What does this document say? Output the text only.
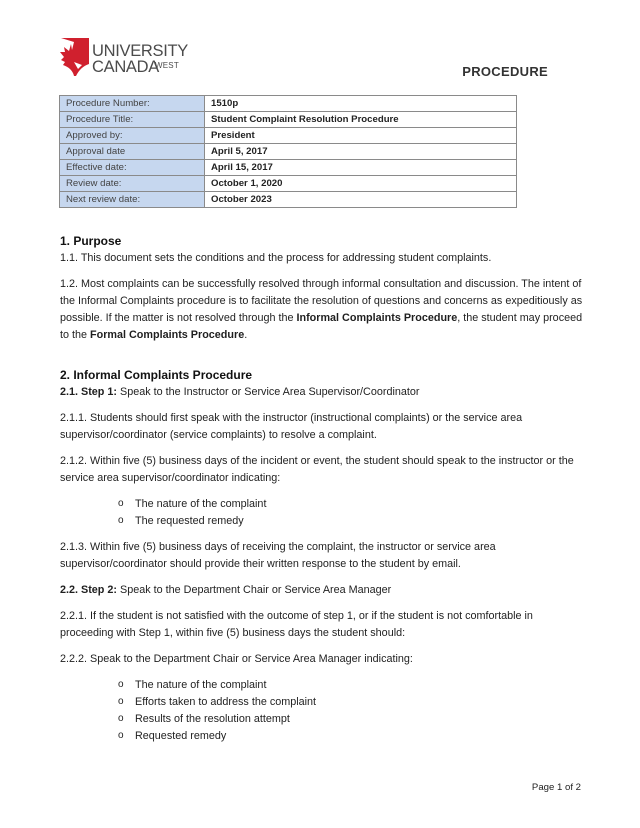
UNIVERSITY
CANADA
WEST	PROCEDURE
Procedure Number:	1510p

Procedure Title:	Student Complaint Resolution Procedure

Approved by:	President

Approval date	April 5, 2017

Effective date:	April 15, 2017

Review date:	October 1, 2020

Next review date:	October 2023
1. Purpose

1.1. This document sets the conditions and the process for addressing student complaints.

1.2. Most complaints can be successfully resolved through informal consultation and discussion. The intent of the Informal Complaints procedure is to facilitate the resolution of questions and concerns as expeditiously as possible. If the matter is not resolved through the Informal Complaints Procedure, the student may proceed to the Formal Complaints Procedure.

2. Informal Complaints Procedure

2.1. Step 1: Speak to the Instructor or Service Area Supervisor/Coordinator

2.1.1. Students should first speak with the instructor (instructional complaints) or the service area supervisor/coordinator (service complaints) to resolve a complaint.

2.1.2. Within five (5) business days of the incident or event, the student should speak to the instructor or the service area supervisor/coordinator indicating:

o The nature of the complaint
o The requested remedy

2.1.3. Within five (5) business days of receiving the complaint, the instructor or service area supervisor/coordinator should provide their written response to the student by email.

2.2. Step 2: Speak to the Department Chair or Service Area Manager

2.2.1. If the student is not satisfied with the outcome of step 1, or if the student is not comfortable in proceeding with Step 1, within five (5) business days the student should:

2.2.2. Speak to the Department Chair or Service Area Manager indicating:

o The nature of the complaint
o Efforts taken to address the complaint
o Results of the resolution attempt
o Requested remedy
Page 1 of 2
